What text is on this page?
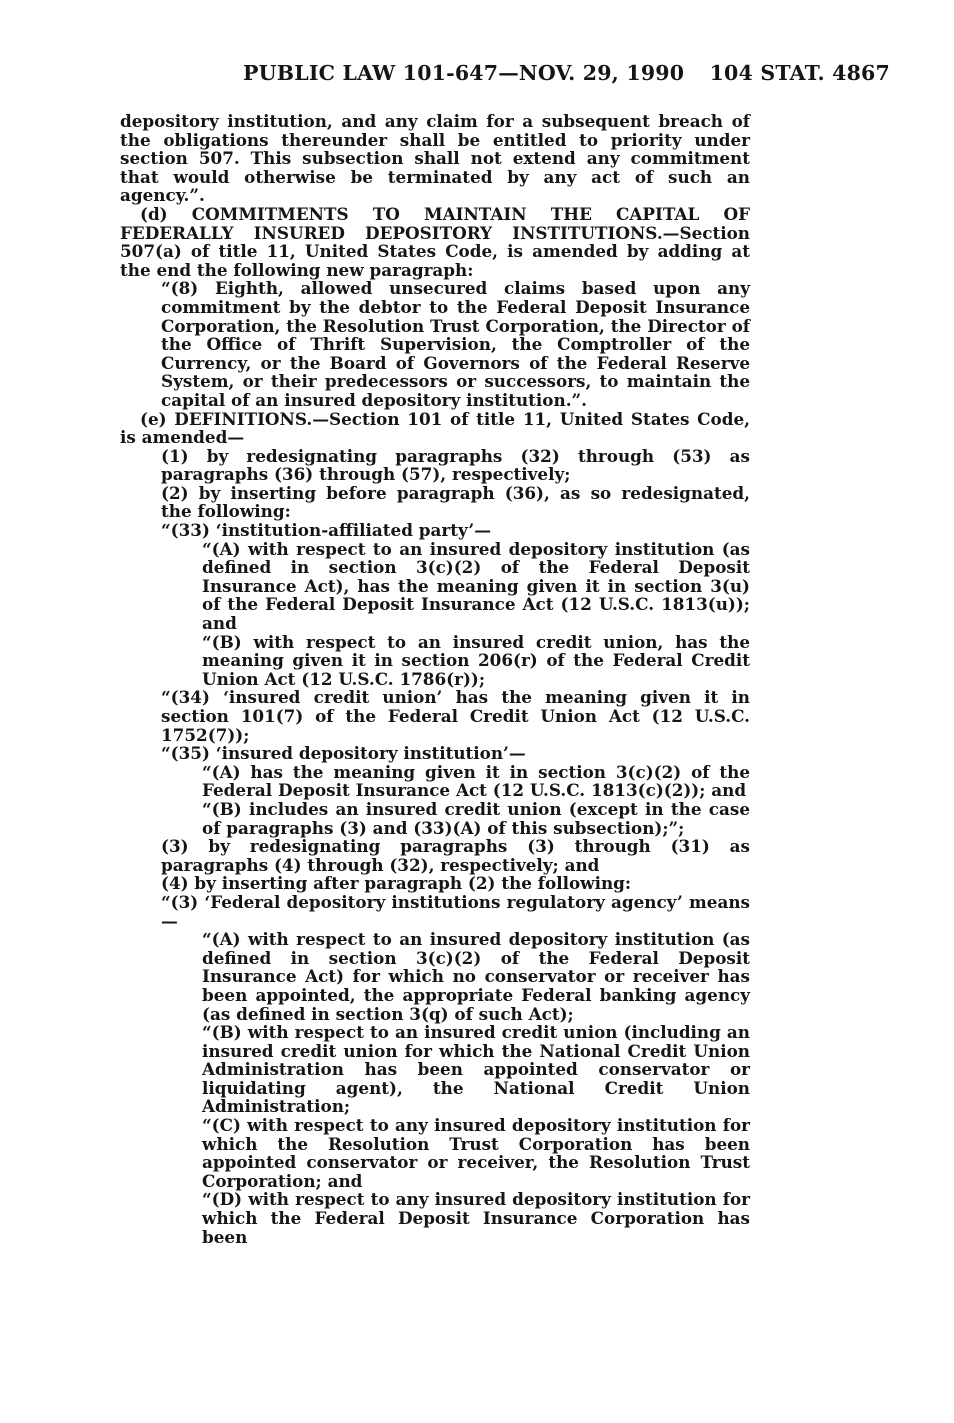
PUBLIC LAW 101-647—NOV. 29, 1990 104 STAT. 4867

depository institution, and any claim for a subsequent breach of the obligations thereunder shall be entitled to priority under section 507. This subsection shall not extend any commitment that would otherwise be terminated by any act of such an agency.”.

(d) COMMITMENTS TO MAINTAIN THE CAPITAL OF FEDERALLY INSURED DEPOSITORY INSTITUTIONS.—Section 507(a) of title 11, United States Code, is amended by adding at the end the following new paragraph:

“(8) Eighth, allowed unsecured claims based upon any commitment by the debtor to the Federal Deposit Insurance Corporation, the Resolution Trust Corporation, the Director of the Office of Thrift Supervision, the Comptroller of the Currency, or the Board of Governors of the Federal Reserve System, or their predecessors or successors, to maintain the capital of an insured depository institution.”.

(e) DEFINITIONS.—Section 101 of title 11, United States Code, is amended—

(1) by redesignating paragraphs (32) through (53) as paragraphs (36) through (57), respectively;

(2) by inserting before paragraph (36), as so redesignated, the following:

“(33) ‘institution-affiliated party’—

“(A) with respect to an insured depository institution (as defined in section 3(c)(2) of the Federal Deposit Insurance Act), has the meaning given it in section 3(u) of the Federal Deposit Insurance Act (12 U.S.C. 1813(u)); and

“(B) with respect to an insured credit union, has the meaning given it in section 206(r) of the Federal Credit Union Act (12 U.S.C. 1786(r));

“(34) ‘insured credit union’ has the meaning given it in section 101(7) of the Federal Credit Union Act (12 U.S.C. 1752(7));

“(35) ‘insured depository institution’—

“(A) has the meaning given it in section 3(c)(2) of the Federal Deposit Insurance Act (12 U.S.C. 1813(c)(2)); and

“(B) includes an insured credit union (except in the case of paragraphs (3) and (33)(A) of this subsection);”;

(3) by redesignating paragraphs (3) through (31) as paragraphs (4) through (32), respectively; and

(4) by inserting after paragraph (2) the following:

“(3) ‘Federal depository institutions regulatory agency’ means—

“(A) with respect to an insured depository institution (as defined in section 3(c)(2) of the Federal Deposit Insurance Act) for which no conservator or receiver has been appointed, the appropriate Federal banking agency (as defined in section 3(q) of such Act);

“(B) with respect to an insured credit union (including an insured credit union for which the National Credit Union Administration has been appointed conservator or liquidating agent), the National Credit Union Administration;

“(C) with respect to any insured depository institution for which the Resolution Trust Corporation has been appointed conservator or receiver, the Resolution Trust Corporation; and

“(D) with respect to any insured depository institution for which the Federal Deposit Insurance Corporation has been
